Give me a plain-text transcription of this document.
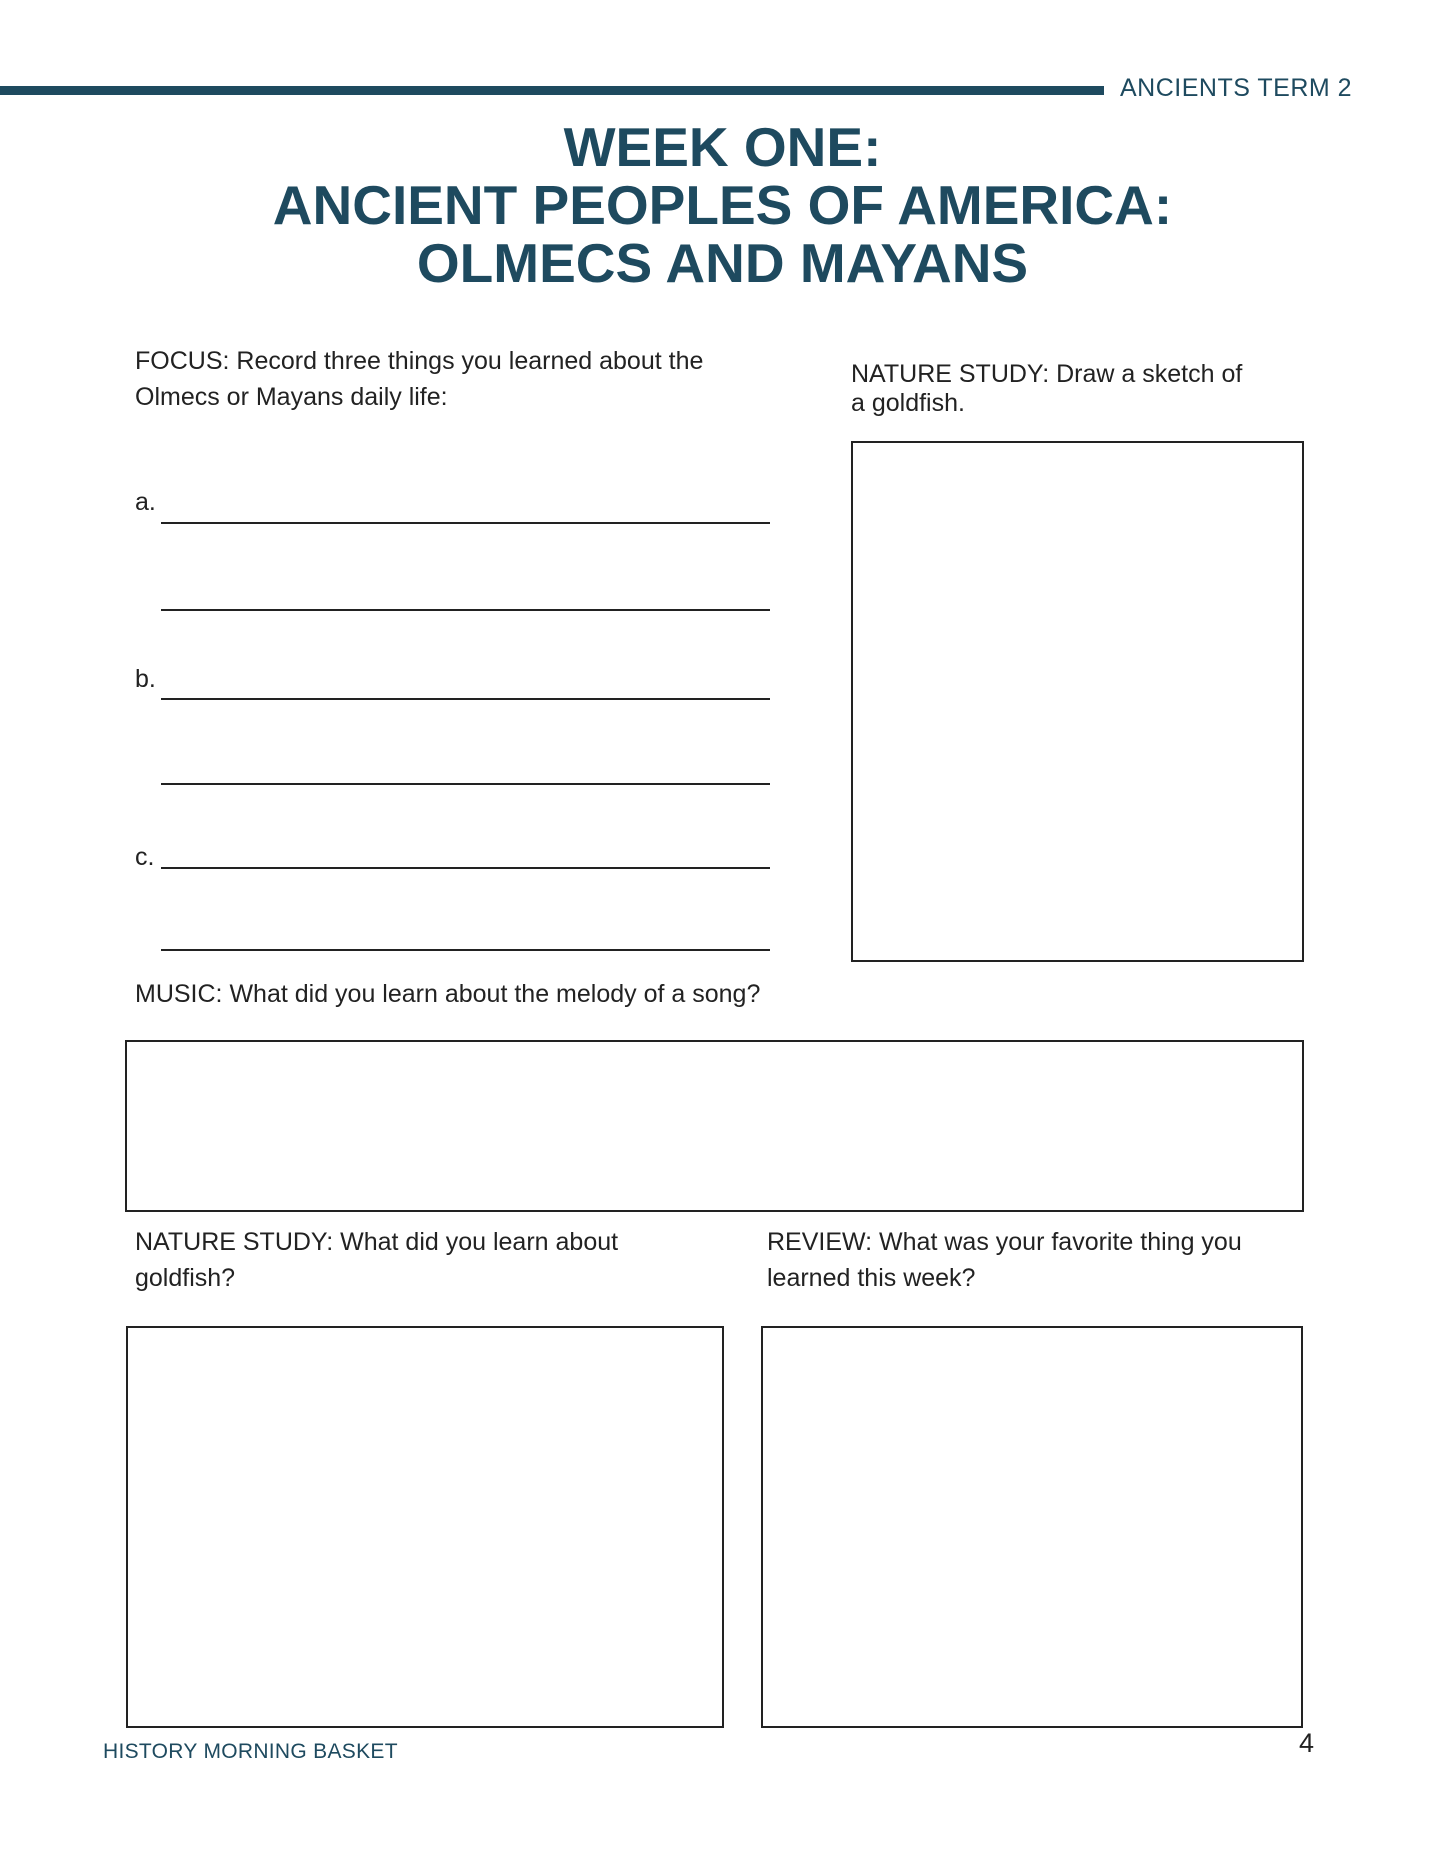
ANCIENTS TERM 2
WEEK ONE:
ANCIENT PEOPLES OF AMERICA:
OLMECS AND MAYANS
FOCUS: Record three things you learned about the
Olmecs or Mayans daily life:
a.
b.
c.
NATURE STUDY: Draw a sketch of
a goldfish.
MUSIC: What did you learn about the melody of a song?
NATURE STUDY: What did you learn about
goldfish?
REVIEW: What was your favorite thing you
learned this week?
HISTORY MORNING BASKET	4
